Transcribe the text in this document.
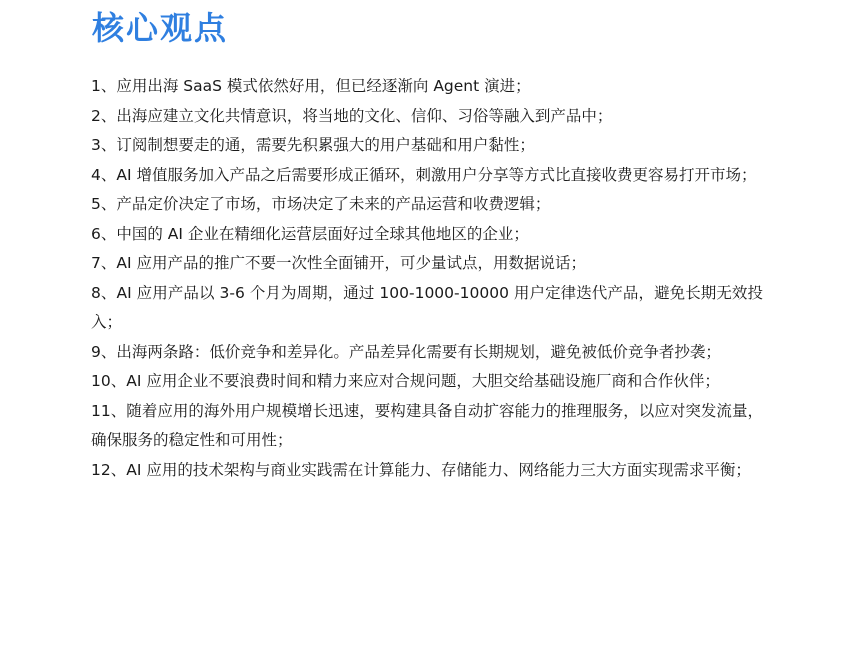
核心观点
1、应用出海 SaaS 模式依然好用，但已经逐渐向 Agent 演进；
2、出海应建立文化共情意识，将当地的文化、信仰、习俗等融入到产品中；
3、订阅制想要走的通，需要先积累强大的用户基础和用户黏性；
4、AI 增值服务加入产品之后需要形成正循环，刺激用户分享等方式比直接收费更容易打开市场；
5、产品定价决定了市场，市场决定了未来的产品运营和收费逻辑；
6、中国的 AI 企业在精细化运营层面好过全球其他地区的企业；
7、AI 应用产品的推广不要一次性全面铺开，可少量试点，用数据说话；
8、AI 应用产品以 3-6 个月为周期，通过 100-1000-10000 用户定律迭代产品，避免长期无效投入；
9、出海两条路：低价竞争和差异化。产品差异化需要有长期规划，避免被低价竞争者抄袭；
10、AI 应用企业不要浪费时间和精力来应对合规问题，大胆交给基础设施厂商和合作伙伴；
11、随着应用的海外用户规模增长迅速，要构建具备自动扩容能力的推理服务，以应对突发流量，确保服务的稳定性和可用性；
12、AI 应用的技术架构与商业实践需在计算能力、存储能力、网络能力三大方面实现需求平衡；
